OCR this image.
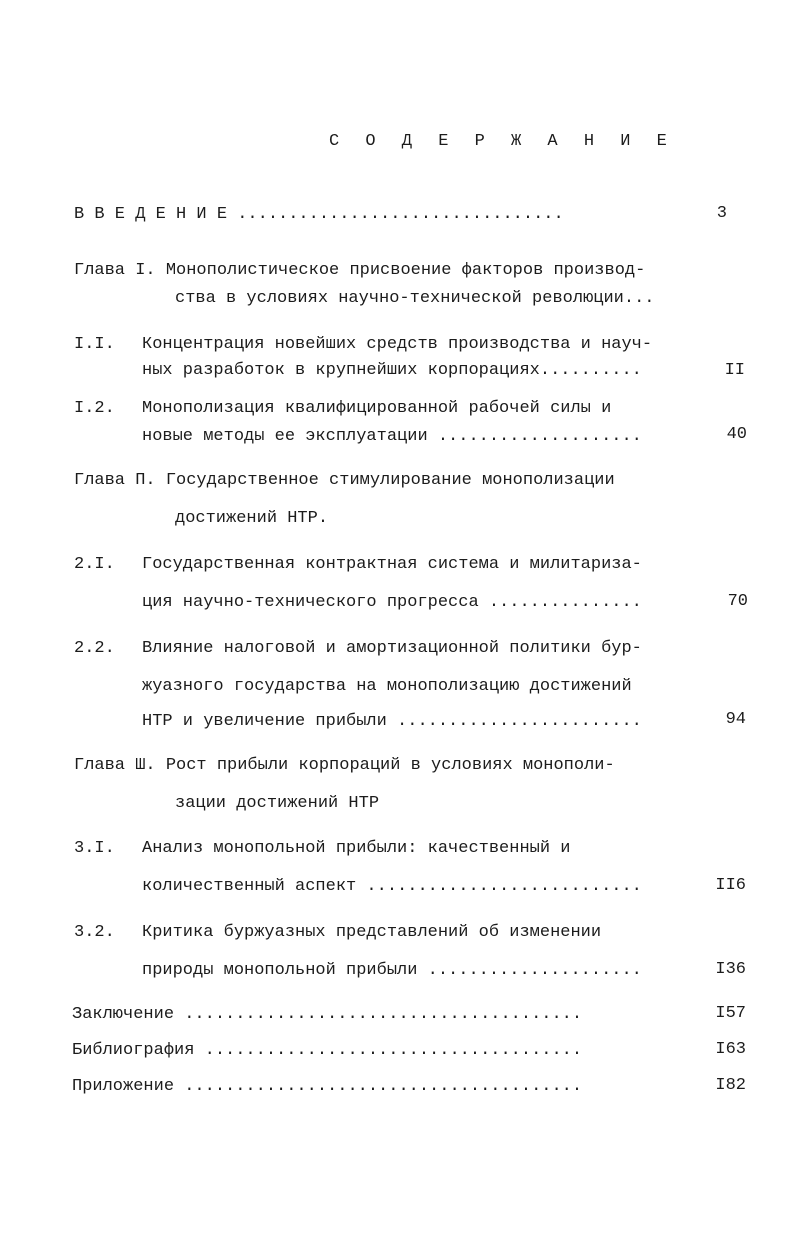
С О Д Е Р Ж А Н И Е
В В Е Д Е Н И Е ................................	3
Глава I. Монополистическое присвоение факторов производ-
ства в условиях научно-технической революции...
I.I. Концентрация новейших средств производства и науч-
ных разработок в крупнейших корпорациях..........	II
I.2. Монополизация квалифицированной рабочей силы и
новые методы ее эксплуатации ....................	40
Глава П. Государственное стимулирование монополизации
достижений НТР.
2.I. Государственная контрактная система и милитариза-
ция научно-технического прогресса ...............	70
2.2. Влияние налоговой и амортизационной политики бур-
жуазного государства на монополизацию достижений
НТР и увеличение прибыли ........................	94
Глава Ш. Рост прибыли корпораций в условиях монополи-
зации достижений НТР
3.I. Анализ монопольной прибыли: качественный и
количественный аспект ...........................	II6
3.2. Критика буржуазных представлений об изменении
природы монопольной прибыли .....................	I36
Заключение .......................................	I57
Библиография .....................................	I63
Приложение .......................................	I82
